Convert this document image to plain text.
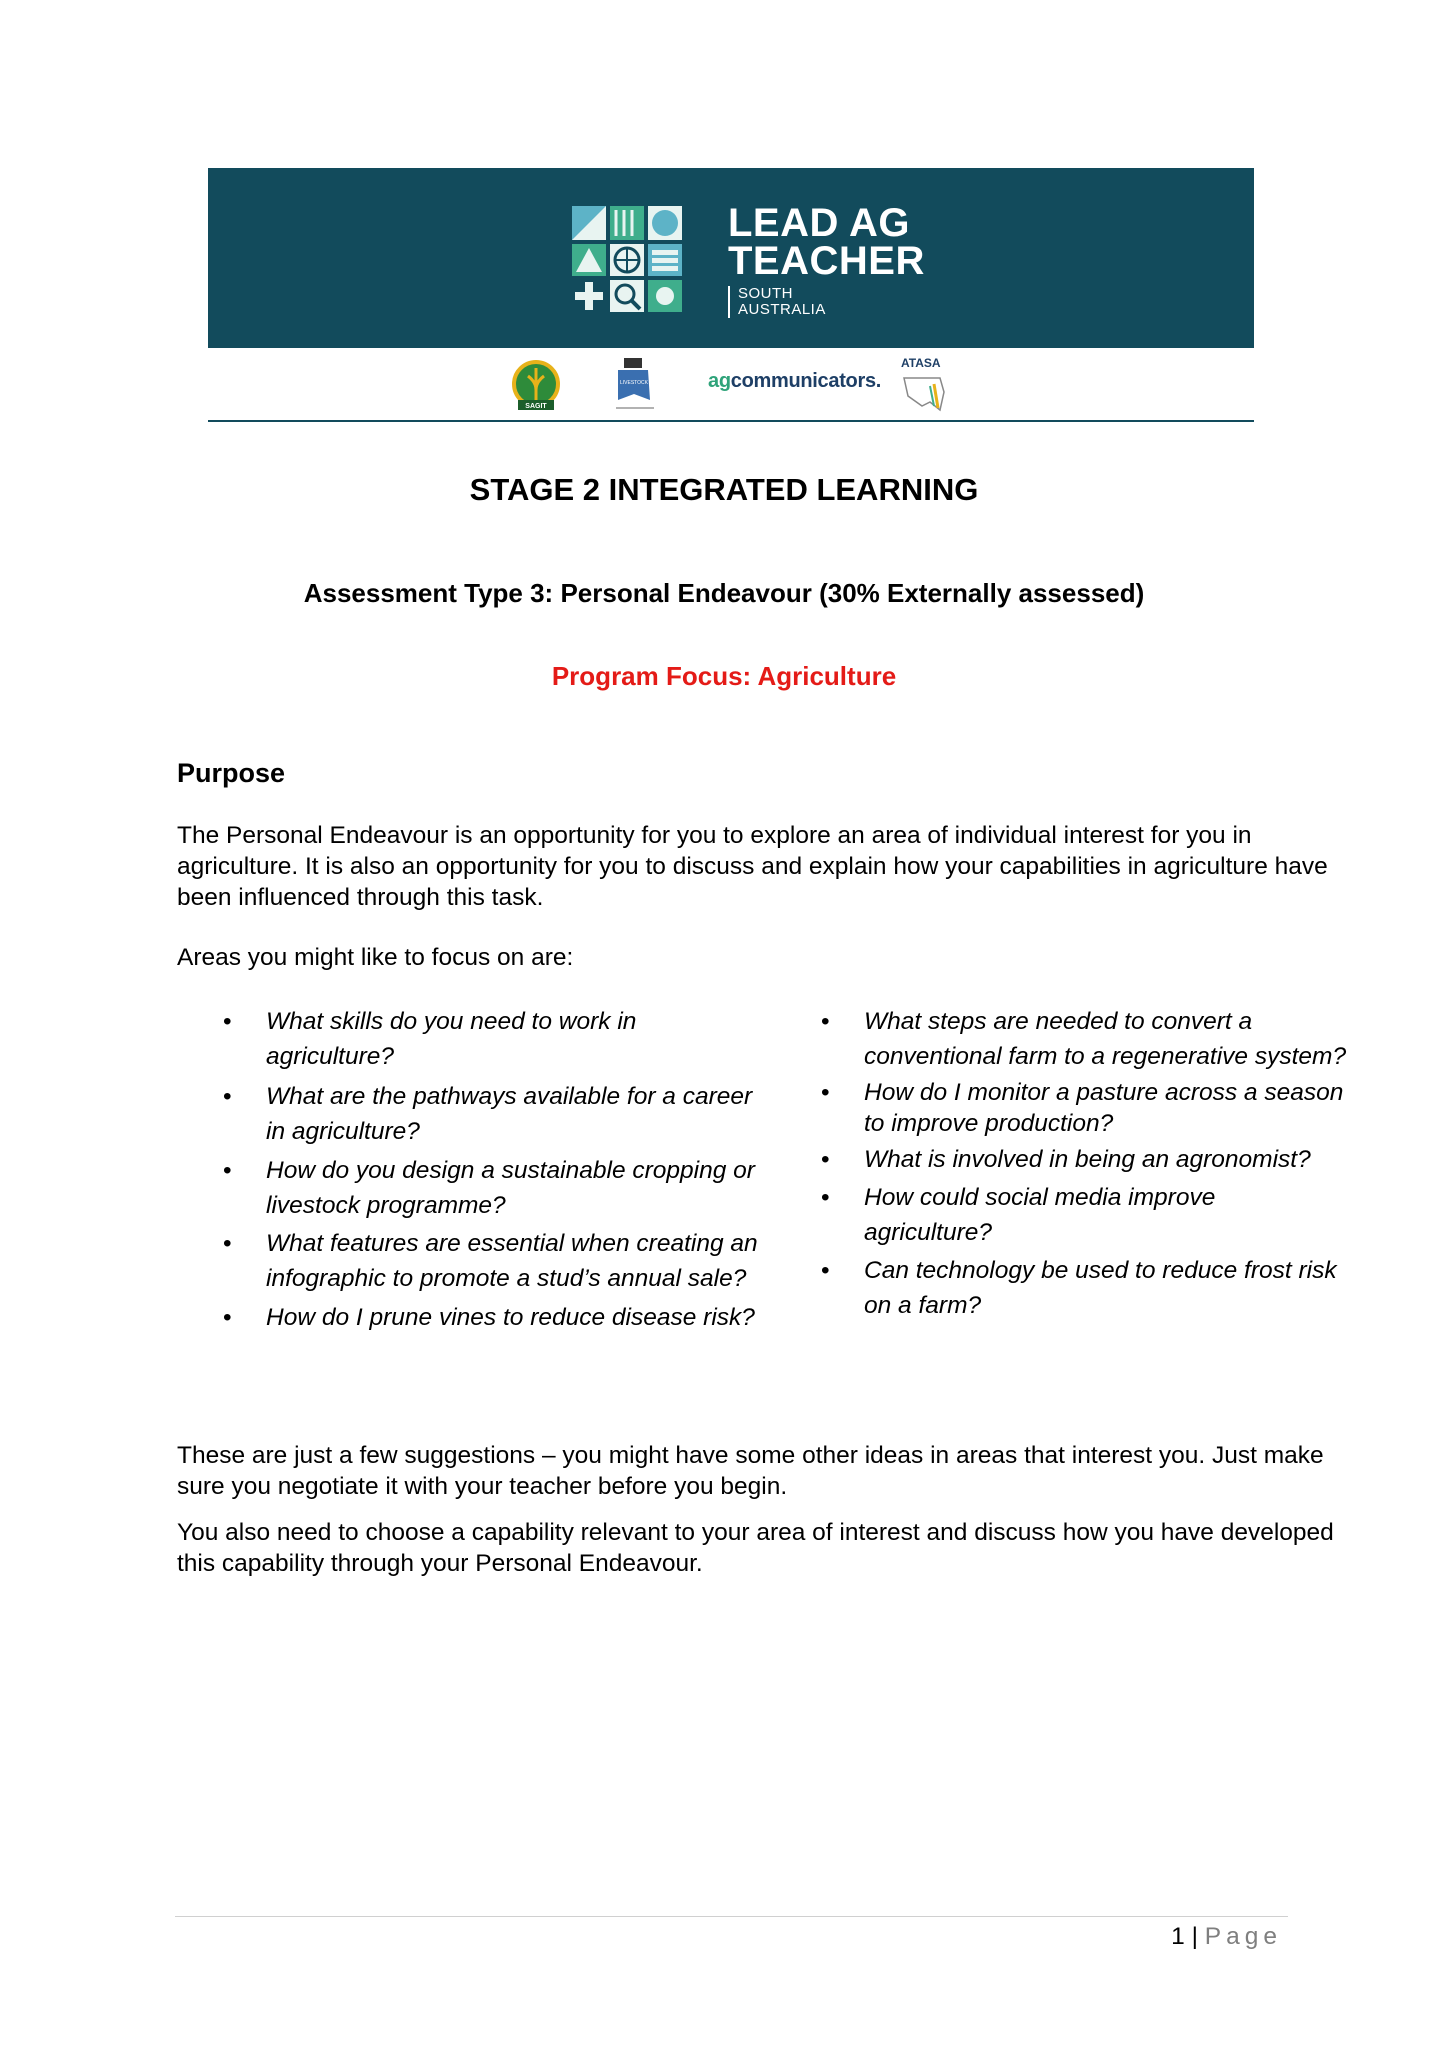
LEAD AG
TEACHER
SOUTH
AUSTRALIA
SAGIT
LIVESTOCK	agcommunicators.
ATASA
STAGE 2 INTEGRATED LEARNING
Assessment Type 3: Personal Endeavour (30% Externally assessed)
Program Focus: Agriculture
Purpose
The Personal Endeavour is an opportunity for you to explore an area of individual interest for you in agriculture. It is also an opportunity for you to discuss and explain how your capabilities in agriculture have been influenced through this task.
Areas you might like to focus on are:
• What skills do you need to work in agriculture?
• What are the pathways available for a career in agriculture?
• How do you design a sustainable cropping or livestock programme?
• What features are essential when creating an infographic to promote a stud’s annual sale?
• How do I prune vines to reduce disease risk?
• What steps are needed to convert a conventional farm to a regenerative system?
• How do I monitor a pasture across a season to improve production?
• What is involved in being an agronomist?
• How could social media improve agriculture?
• Can technology be used to reduce frost risk on a farm?
These are just a few suggestions – you might have some other ideas in areas that interest you. Just make sure you negotiate it with your teacher before you begin.
You also need to choose a capability relevant to your area of interest and discuss how you have developed this capability through your Personal Endeavour.
1 | Page
